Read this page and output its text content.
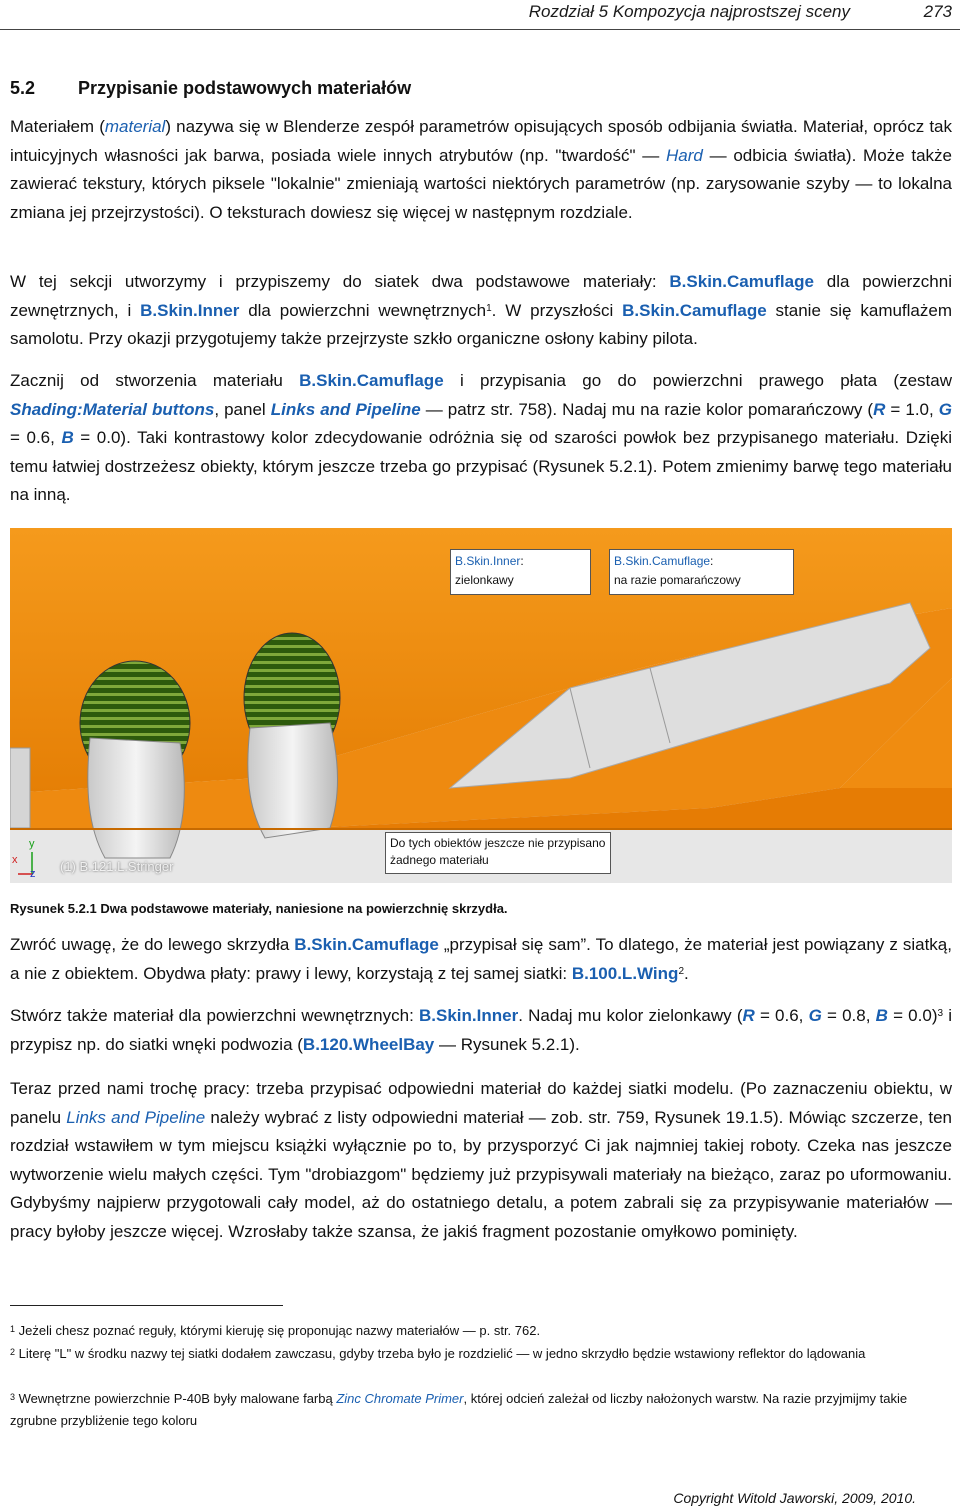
Rozdział 5 Kompozycja najprostszej sceny	273
5.2 Przypisanie podstawowych materiałów
Materiałem (material) nazywa się w Blenderze zespół parametrów opisujących sposób odbijania światła. Materiał, oprócz tak intuicyjnych własności jak barwa, posiada wiele innych atrybutów (np. "twardość" — Hard — odbicia światła). Może także zawierać tekstury, których piksele "lokalnie" zmieniają wartości niektórych parametrów (np. zarysowanie szyby — to lokalna zmiana jej przejrzystości). O teksturach dowiesz się więcej w następnym rozdziale.
W tej sekcji utworzymy i przypiszemy do siatek dwa podstawowe materiały: B.Skin.Camuflage dla powierzchni zewnętrznych, i B.Skin.Inner dla powierzchni wewnętrznych$^1$. W przyszłości B.Skin.Camuflage stanie się kamuflażem samolotu. Przy okazji przygotujemy także przejrzyste szkło organiczne osłony kabiny pilota.
Zacznij od stworzenia materiału B.Skin.Camuflage i przypisania go do powierzchni prawego płata (zestaw Shading:Material buttons, panel Links and Pipeline — patrz str. 758). Nadaj mu na razie kolor pomarańczowy (R = 1.0, G = 0.6, B = 0.0). Taki kontrastowy kolor zdecydowanie odróżnia się od szarości powłok bez przypisanego materiału. Dzięki temu łatwiej dostrzeżesz obiekty, którym jeszcze trzeba go przypisać (Rysunek 5.2.1). Potem zmienimy barwę tego materiału na inną.
y
x
z (1) B.121.L.Stringer
B.Skin.Inner:
zielonkawy
B.Skin.Camuflage:
na razie pomarańczowy
Do tych obiektów jeszcze nie przypisano żadnego materiału
Rysunek 5.2.1 Dwa podstawowe materiały, naniesione na powierzchnię skrzydła.
Zwróć uwagę, że do lewego skrzydła B.Skin.Camuflage „przypisał się sam”. To dlatego, że materiał jest powiązany z siatką, a nie z obiektem. Obydwa płaty: prawy i lewy, korzystają z tej samej siatki: B.100.L.Wing$^2$.
Stwórz także materiał dla powierzchni wewnętrznych: B.Skin.Inner. Nadaj mu kolor zielonkawy (R = 0.6, G = 0.8, B = 0.0)$^3$ i przypisz np. do siatki wnęki podwozia (B.120.WheelBay — Rysunek 5.2.1).
Teraz przed nami trochę pracy: trzeba przypisać odpowiedni materiał do każdej siatki modelu. (Po zaznaczeniu obiektu, w panelu Links and Pipeline należy wybrać z listy odpowiedni materiał — zob. str. 759, Rysunek 19.1.5). Mówiąc szczerze, ten rozdział wstawiłem w tym miejscu książki wyłącznie po to, by przysporzyć Ci jak najmniej takiej roboty. Czeka nas jeszcze wytworzenie wielu małych części. Tym "drobiazgom" będziemy już przypisywali materiały na bieżąco, zaraz po uformowaniu. Gdybyśmy najpierw przygotowali cały model, aż do ostatniego detalu, a potem zabrali się za przypisywanie materiałów — pracy byłoby jeszcze więcej. Wzrosłaby także szansa, że jakiś fragment pozostanie omyłkowo pominięty.
$^1$ Jeżeli chesz poznać reguły, którymi kieruję się proponując nazwy materiałów — p. str. 762.
$^2$ Literę "L" w środku nazwy tej siatki dodałem zawczasu, gdyby trzeba było je rozdzielić — w jedno skrzydło będzie wstawiony reflektor do lądowania
$^3$ Wewnętrzne powierzchnie P-40B były malowane farbą Zinc Chromate Primer, której odcień zależał od liczby nałożonych warstw. Na razie przyjmijmy takie zgrubne przybliżenie tego koloru
Copyright Witold Jaworski, 2009, 2010.
